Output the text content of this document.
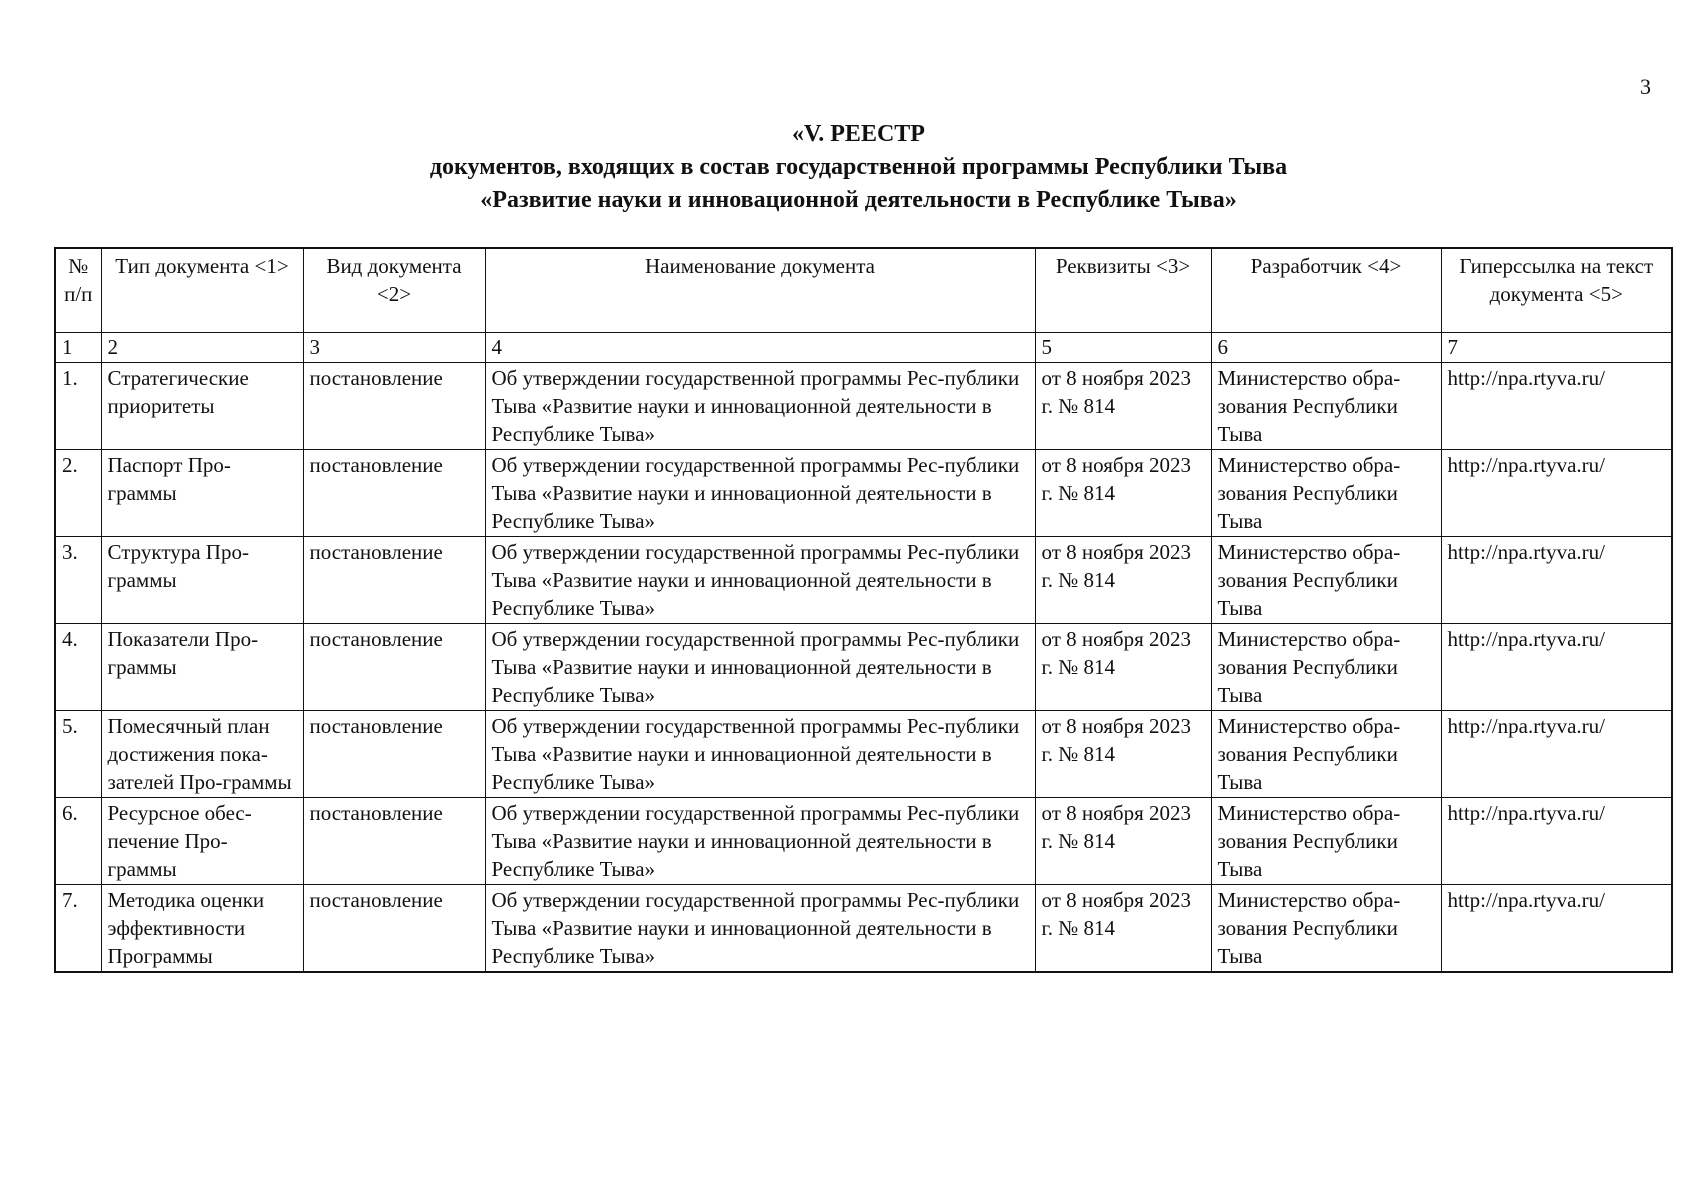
3
«V. РЕЕСТР
документов, входящих в состав государственной программы Республики Тыва
«Развитие науки и инновационной деятельности в Республике Тыва»
№ п/п	Тип документа <1>	Вид документа <2>	Наименование документа	Реквизиты <3>	Разработчик <4>	Гиперссылка на текст документа <5>
1	2	3	4	5	6	7
1.	Стратегические приоритеты	постановление	Об утверждении государственной программы Рес-публики Тыва «Развитие науки и инновационной деятельности в Республике Тыва»	от 8 ноября 2023 г. № 814	Министерство обра-зования Республики Тыва	http://npa.rtyva.ru/
2.	Паспорт Про-граммы	постановление	Об утверждении государственной программы Рес-публики Тыва «Развитие науки и инновационной деятельности в Республике Тыва»	от 8 ноября 2023 г. № 814	Министерство обра-зования Республики Тыва	http://npa.rtyva.ru/
3.	Структура Про-граммы	постановление	Об утверждении государственной программы Рес-публики Тыва «Развитие науки и инновационной деятельности в Республике Тыва»	от 8 ноября 2023 г. № 814	Министерство обра-зования Республики Тыва	http://npa.rtyva.ru/
4.	Показатели Про-граммы	постановление	Об утверждении государственной программы Рес-публики Тыва «Развитие науки и инновационной деятельности в Республике Тыва»	от 8 ноября 2023 г. № 814	Министерство обра-зования Республики Тыва	http://npa.rtyva.ru/
5.	Помесячный план достижения пока-зателей Про-граммы	постановление	Об утверждении государственной программы Рес-публики Тыва «Развитие науки и инновационной деятельности в Республике Тыва»	от 8 ноября 2023 г. № 814	Министерство обра-зования Республики Тыва	http://npa.rtyva.ru/
6.	Ресурсное обес-печение Про-граммы	постановление	Об утверждении государственной программы Рес-публики Тыва «Развитие науки и инновационной деятельности в Республике Тыва»	от 8 ноября 2023 г. № 814	Министерство обра-зования Республики Тыва	http://npa.rtyva.ru/
7.	Методика оценки эффективности Программы	постановление	Об утверждении государственной программы Рес-публики Тыва «Развитие науки и инновационной деятельности в Республике Тыва»	от 8 ноября 2023 г. № 814	Министерство обра-зования Республики Тыва	http://npa.rtyva.ru/
